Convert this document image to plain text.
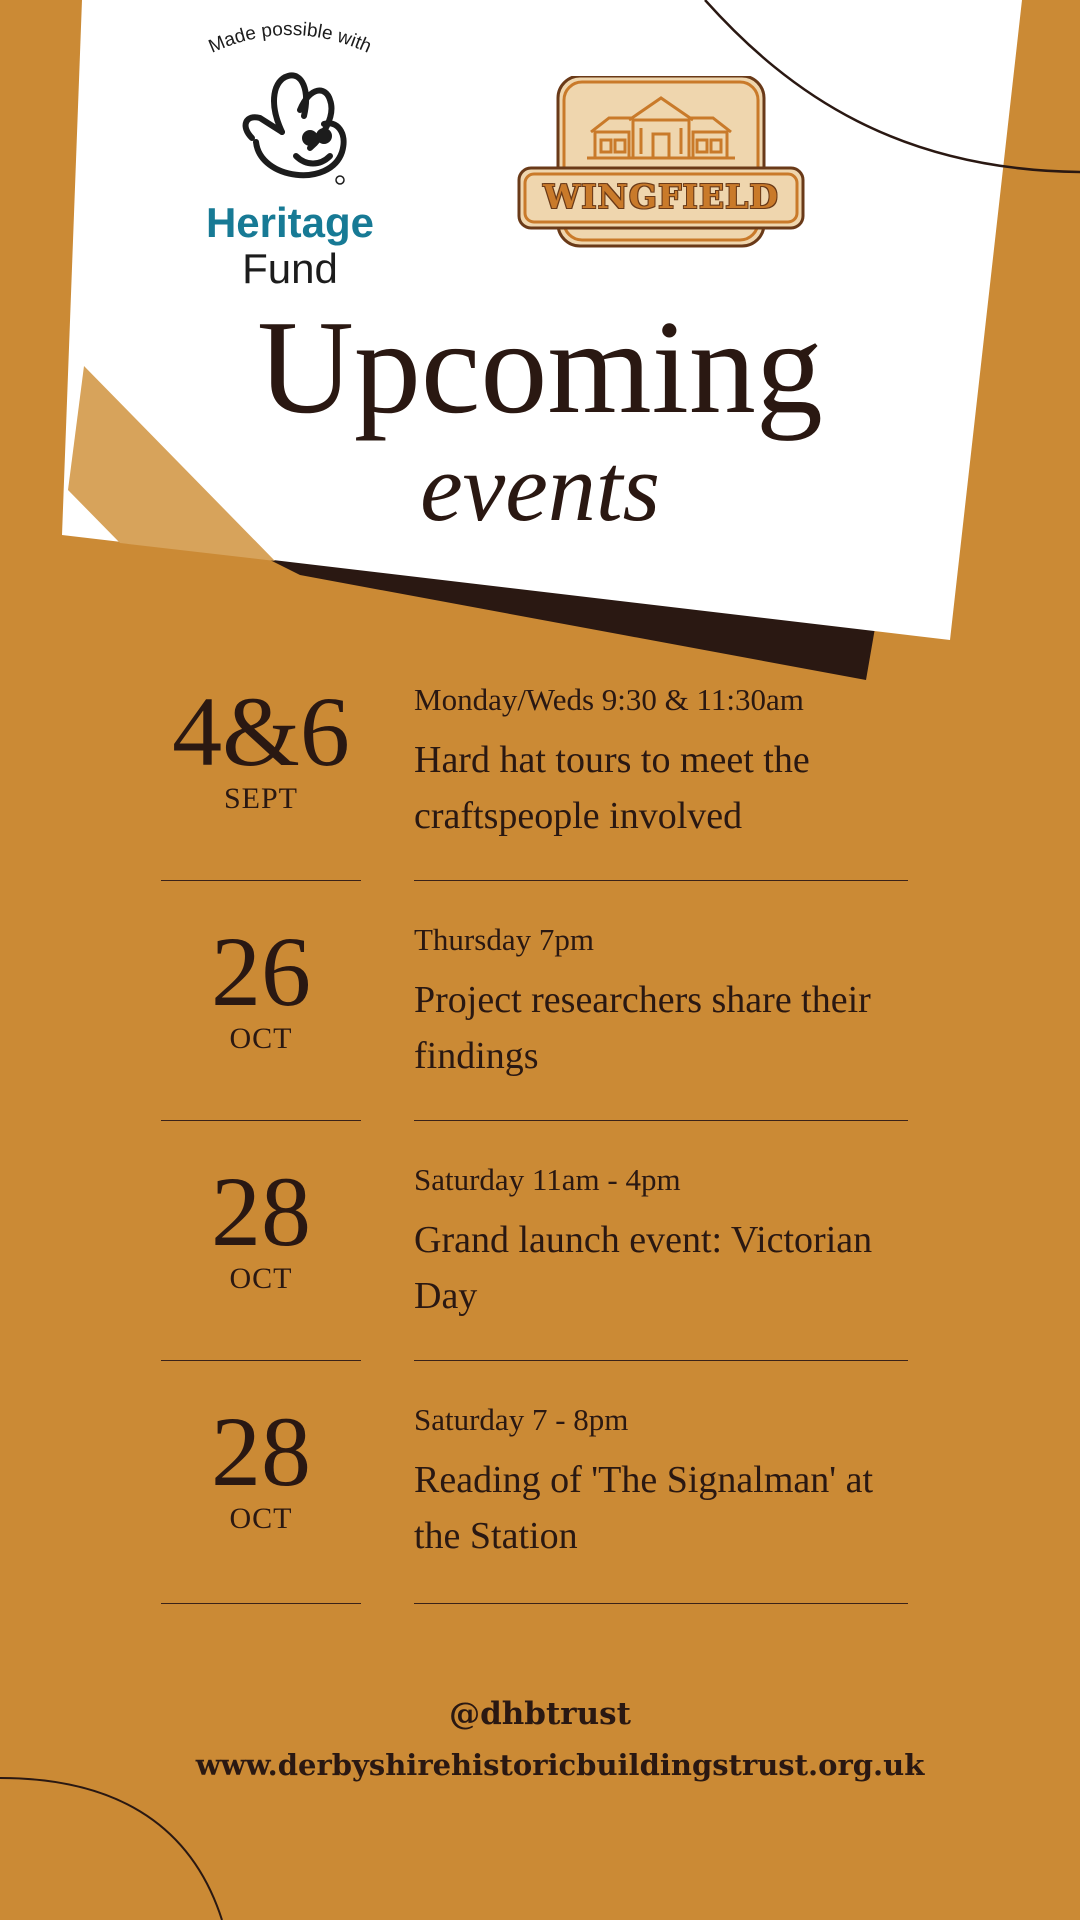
Made possible with
Heritage
Fund
WINGFIELD
Upcoming
events
4&6
SEPT
Monday/Weds 9:30 & 11:30am
Hard hat tours to meet the craftspeople involved
26
OCT
Thursday 7pm
Project researchers share their findings
28
OCT
Saturday 11am - 4pm
Grand launch event: Victorian Day
28
OCT
Saturday 7 - 8pm
Reading of 'The Signalman' at the Station
@dhbtrust
www.derbyshirehistoricbuildingstrust.org.uk
